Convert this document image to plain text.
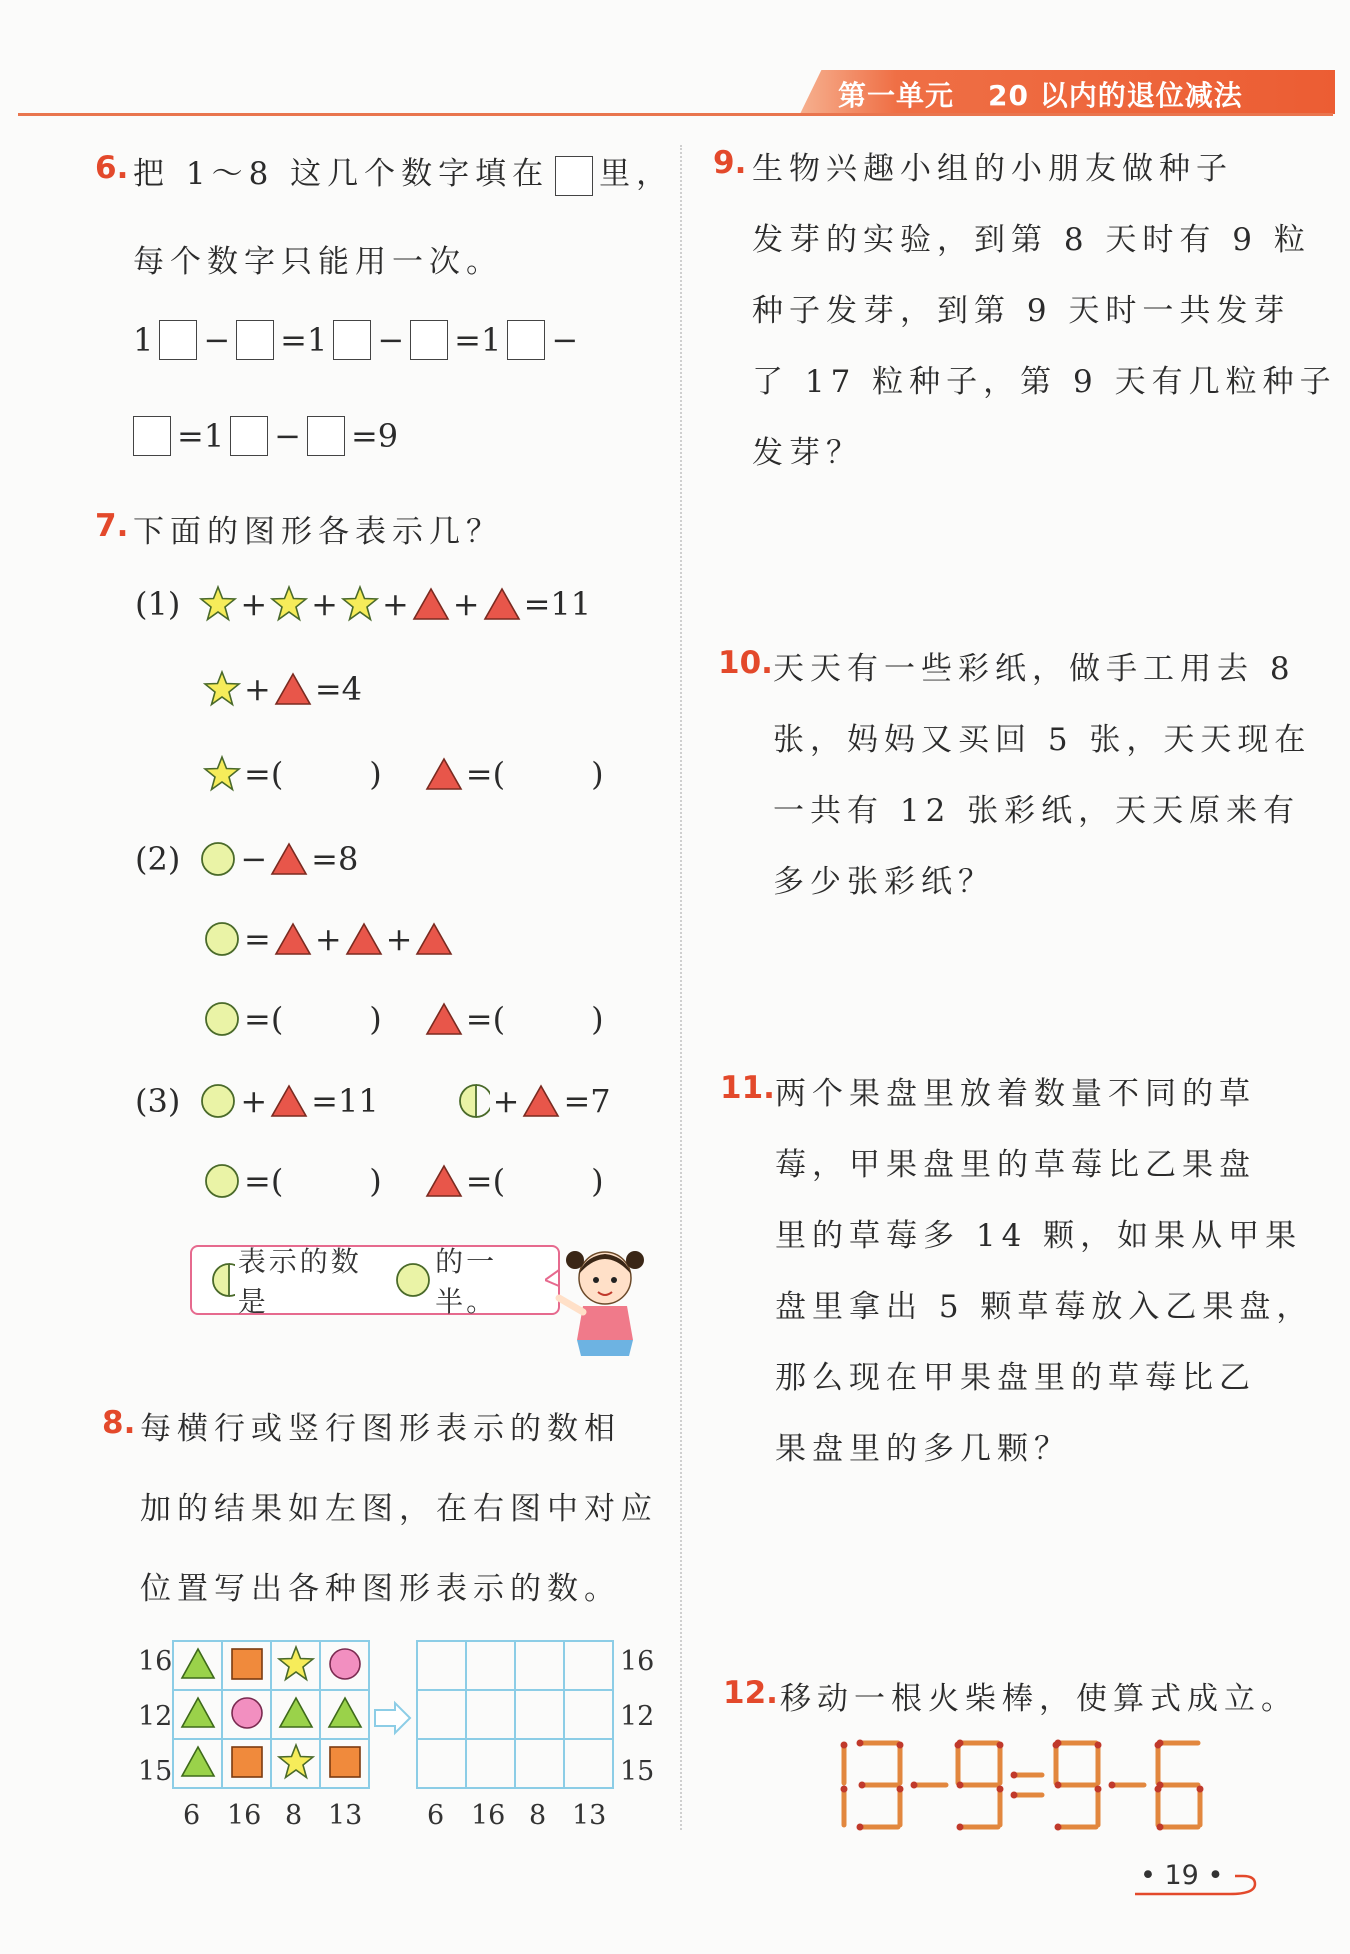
第一单元 20 以内的退位减法
6. 把 1～8 这几个数字填在 里，
每个数字只能用一次。
1 − = 1 − = 1 −
= 1 − = 9
7. 下面的图形各表示几？
(1) + + + + = 11
+ = 4
= (	)	= (	)
(2) − = 8
= + +
= (	)	= (	)
(3) + = 11	+ = 7
= (	)	= (	)
表示的数是
的一半。
8. 每横行或竖行图形表示的数相
加的结果如左图，在右图中对应
位置写出各种图形表示的数。
16
12
15

6 16 8 13

16
12
15
6 16 8 13
9. 生物兴趣小组的小朋友做种子
发芽的实验，到第 8 天时有 9 粒
种子发芽，到第 9 天时一共发芽
了 17 粒种子，第 9 天有几粒种子
发芽？
10. 天天有一些彩纸，做手工用去 8
张，妈妈又买回 5 张，天天现在
一共有 12 张彩纸，天天原来有
多少张彩纸？
11. 两个果盘里放着数量不同的草
莓，甲果盘里的草莓比乙果盘
里的草莓多 14 颗，如果从甲果
盘里拿出 5 颗草莓放入乙果盘，
那么现在甲果盘里的草莓比乙
果盘里的多几颗？
12. 移动一根火柴棒，使算式成立。
• 19 •
